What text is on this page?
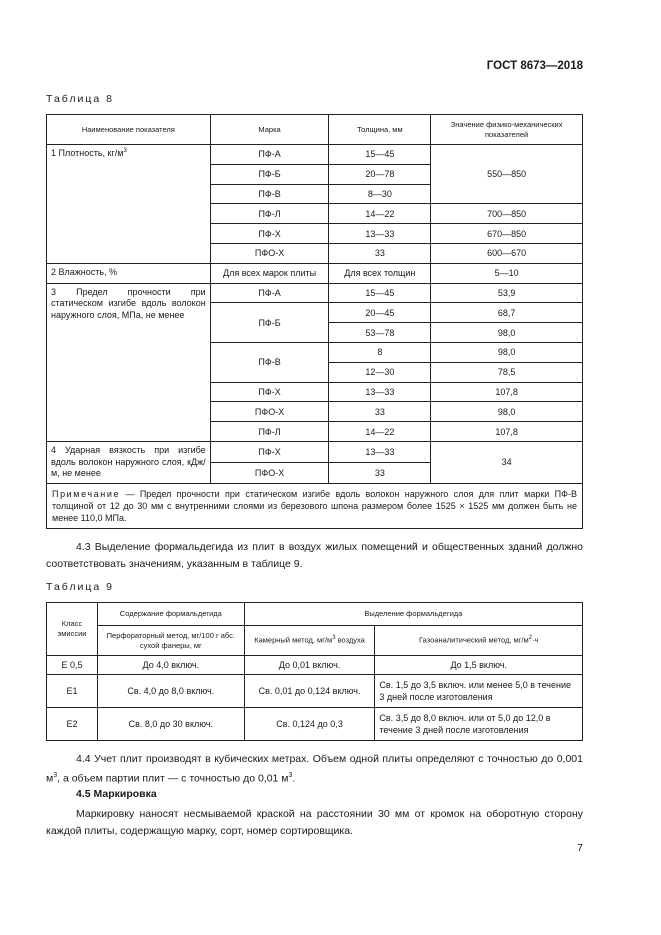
ГОСТ 8673—2018
Таблица 8
Наименование показателя	Марка	Толщина, мм	Значение физико-механических показателей
1 Плотность, $кг/м^3$	ПФ-А	15—45	550—850
	ПФ-Б	20—78	
	ПФ-В	8—30	
	ПФ-Л	14—22	700—850
	ПФ-Х	13—33	670—850
	ПФО-Х	33	600—670
2 Влажность, %	Для всех марок плиты	Для всех толщин	5—10
3 Предел прочности при статическом изгибе вдоль волокон наружного слоя, МПа, не менее	ПФ-А	15—45	53,9
	ПФ-Б	20—45	68,7
		53—78	98,0
	ПФ-В	8	98,0
		12—30	78,5
	ПФ-Х	13—33	107,8
	ПФО-Х	33	98,0
	ПФ-Л	14—22	107,8
4 Ударная вязкость при изгибе вдоль волокон наружного слоя, кДж/м, не менее	ПФ-Х	13—33	34
	ПФО-Х	33	
Примечание — Предел прочности при статическом изгибе вдоль волокон наружного слоя для плит марки ПФ-В толщиной от 12 до 30 мм с внутренними слоями из березового шпона размером более 1525 × 1525 мм должен быть не менее 110,0 МПа.			
4.3 Выделение формальдегида из плит в воздух жилых помещений и общественных зданий должно соответствовать значениям, указанным в таблице 9.
Таблица 9
Класс эмиссии	Содержание формальдегида	Выделение формальдегида	
	Перфораторный метод, мг/100 г абс. сухой фанеры, мг	Камерный метод, $мг/м^3$ воздуха	Газоаналитический метод, $мг/м^2\cdot ч$
Е 0,5	До 4,0 включ.	До 0,01 включ.	До 1,5 включ.
Е1	Св. 4,0 до 8,0 включ.	Св. 0,01 до 0,124 включ.	Св. 1,5 до 3,5 включ. или менее 5,0 в течение 3 дней после изготовления
Е2	Св. 8,0 до 30 включ.	Св. 0,124 до 0,3	Св. 3,5 до 8,0 включ. или от 5,0 до 12,0 в течение 3 дней после изготовления
4.4 Учет плит производят в кубических метрах. Объем одной плиты определяют с точностью до 0,001 $м^3$, а объем партии плит — с точностью до 0,01 $м^3$.
4.5 Маркировка
Маркировку наносят несмываемой краской на расстоянии 30 мм от кромок на оборотную сторону каждой плиты, содержащую марку, сорт, номер сортировщика.
7
